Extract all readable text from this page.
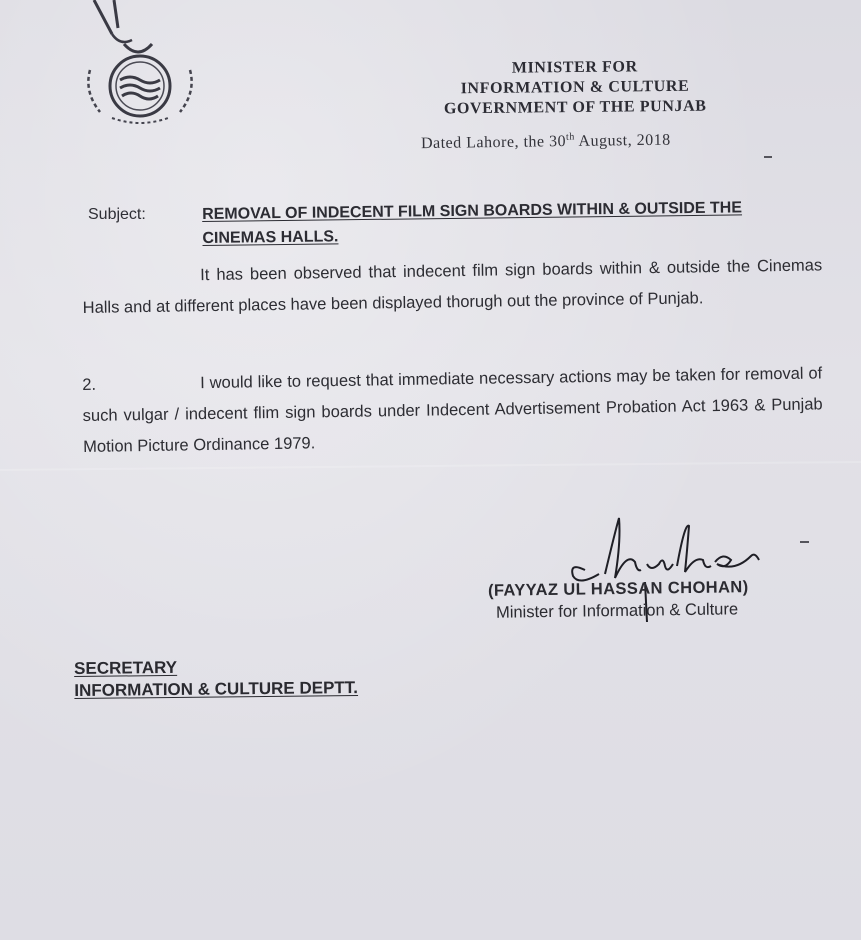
MINISTER FOR
INFORMATION & CULTURE
GOVERNMENT OF THE PUNJAB
Dated Lahore, the 30th August, 2018
Subject:	REMOVAL OF INDECENT FILM SIGN BOARDS WITHIN & OUTSIDE THE CINEMAS HALLS.
It has been observed that indecent film sign boards within & outside the Cinemas Halls and at different places have been displayed thorugh out the province of Punjab.
2.	I would like to request that immediate necessary actions may be taken for removal of such vulgar / indecent flim sign boards under Indecent Advertisement Probation Act 1963 & Punjab Motion Picture Ordinance 1979.
(FAYYAZ UL HASSAN CHOHAN)
Minister for Information & Culture
SECRETARY
INFORMATION & CULTURE DEPTT.
